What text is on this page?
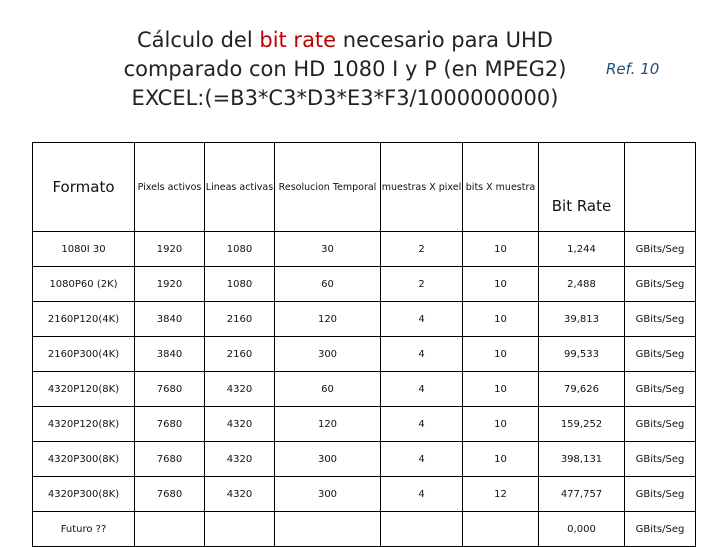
Cálculo del bit rate necesario para UHD
comparado con HD 1080 I y P (en MPEG2)
EXCEL:(=B3*C3*D3*E3*F3/1000000000)
Ref. 10
Formato	Pixels activos	Lineas activas	Resolucion Temporal	muestras X pixel	bits X muestra	Bit Rate	
1080I 30	1920	1080	30	2	10	1,244	GBits/Seg
1080P60 (2K)	1920	1080	60	2	10	2,488	GBits/Seg
2160P120(4K)	3840	2160	120	4	10	39,813	GBits/Seg
2160P300(4K)	3840	2160	300	4	10	99,533	GBits/Seg
4320P120(8K)	7680	4320	60	4	10	79,626	GBits/Seg
4320P120(8K)	7680	4320	120	4	10	159,252	GBits/Seg
4320P300(8K)	7680	4320	300	4	10	398,131	GBits/Seg
4320P300(8K)	7680	4320	300	4	12	477,757	GBits/Seg
Futuro ??						0,000	GBits/Seg
